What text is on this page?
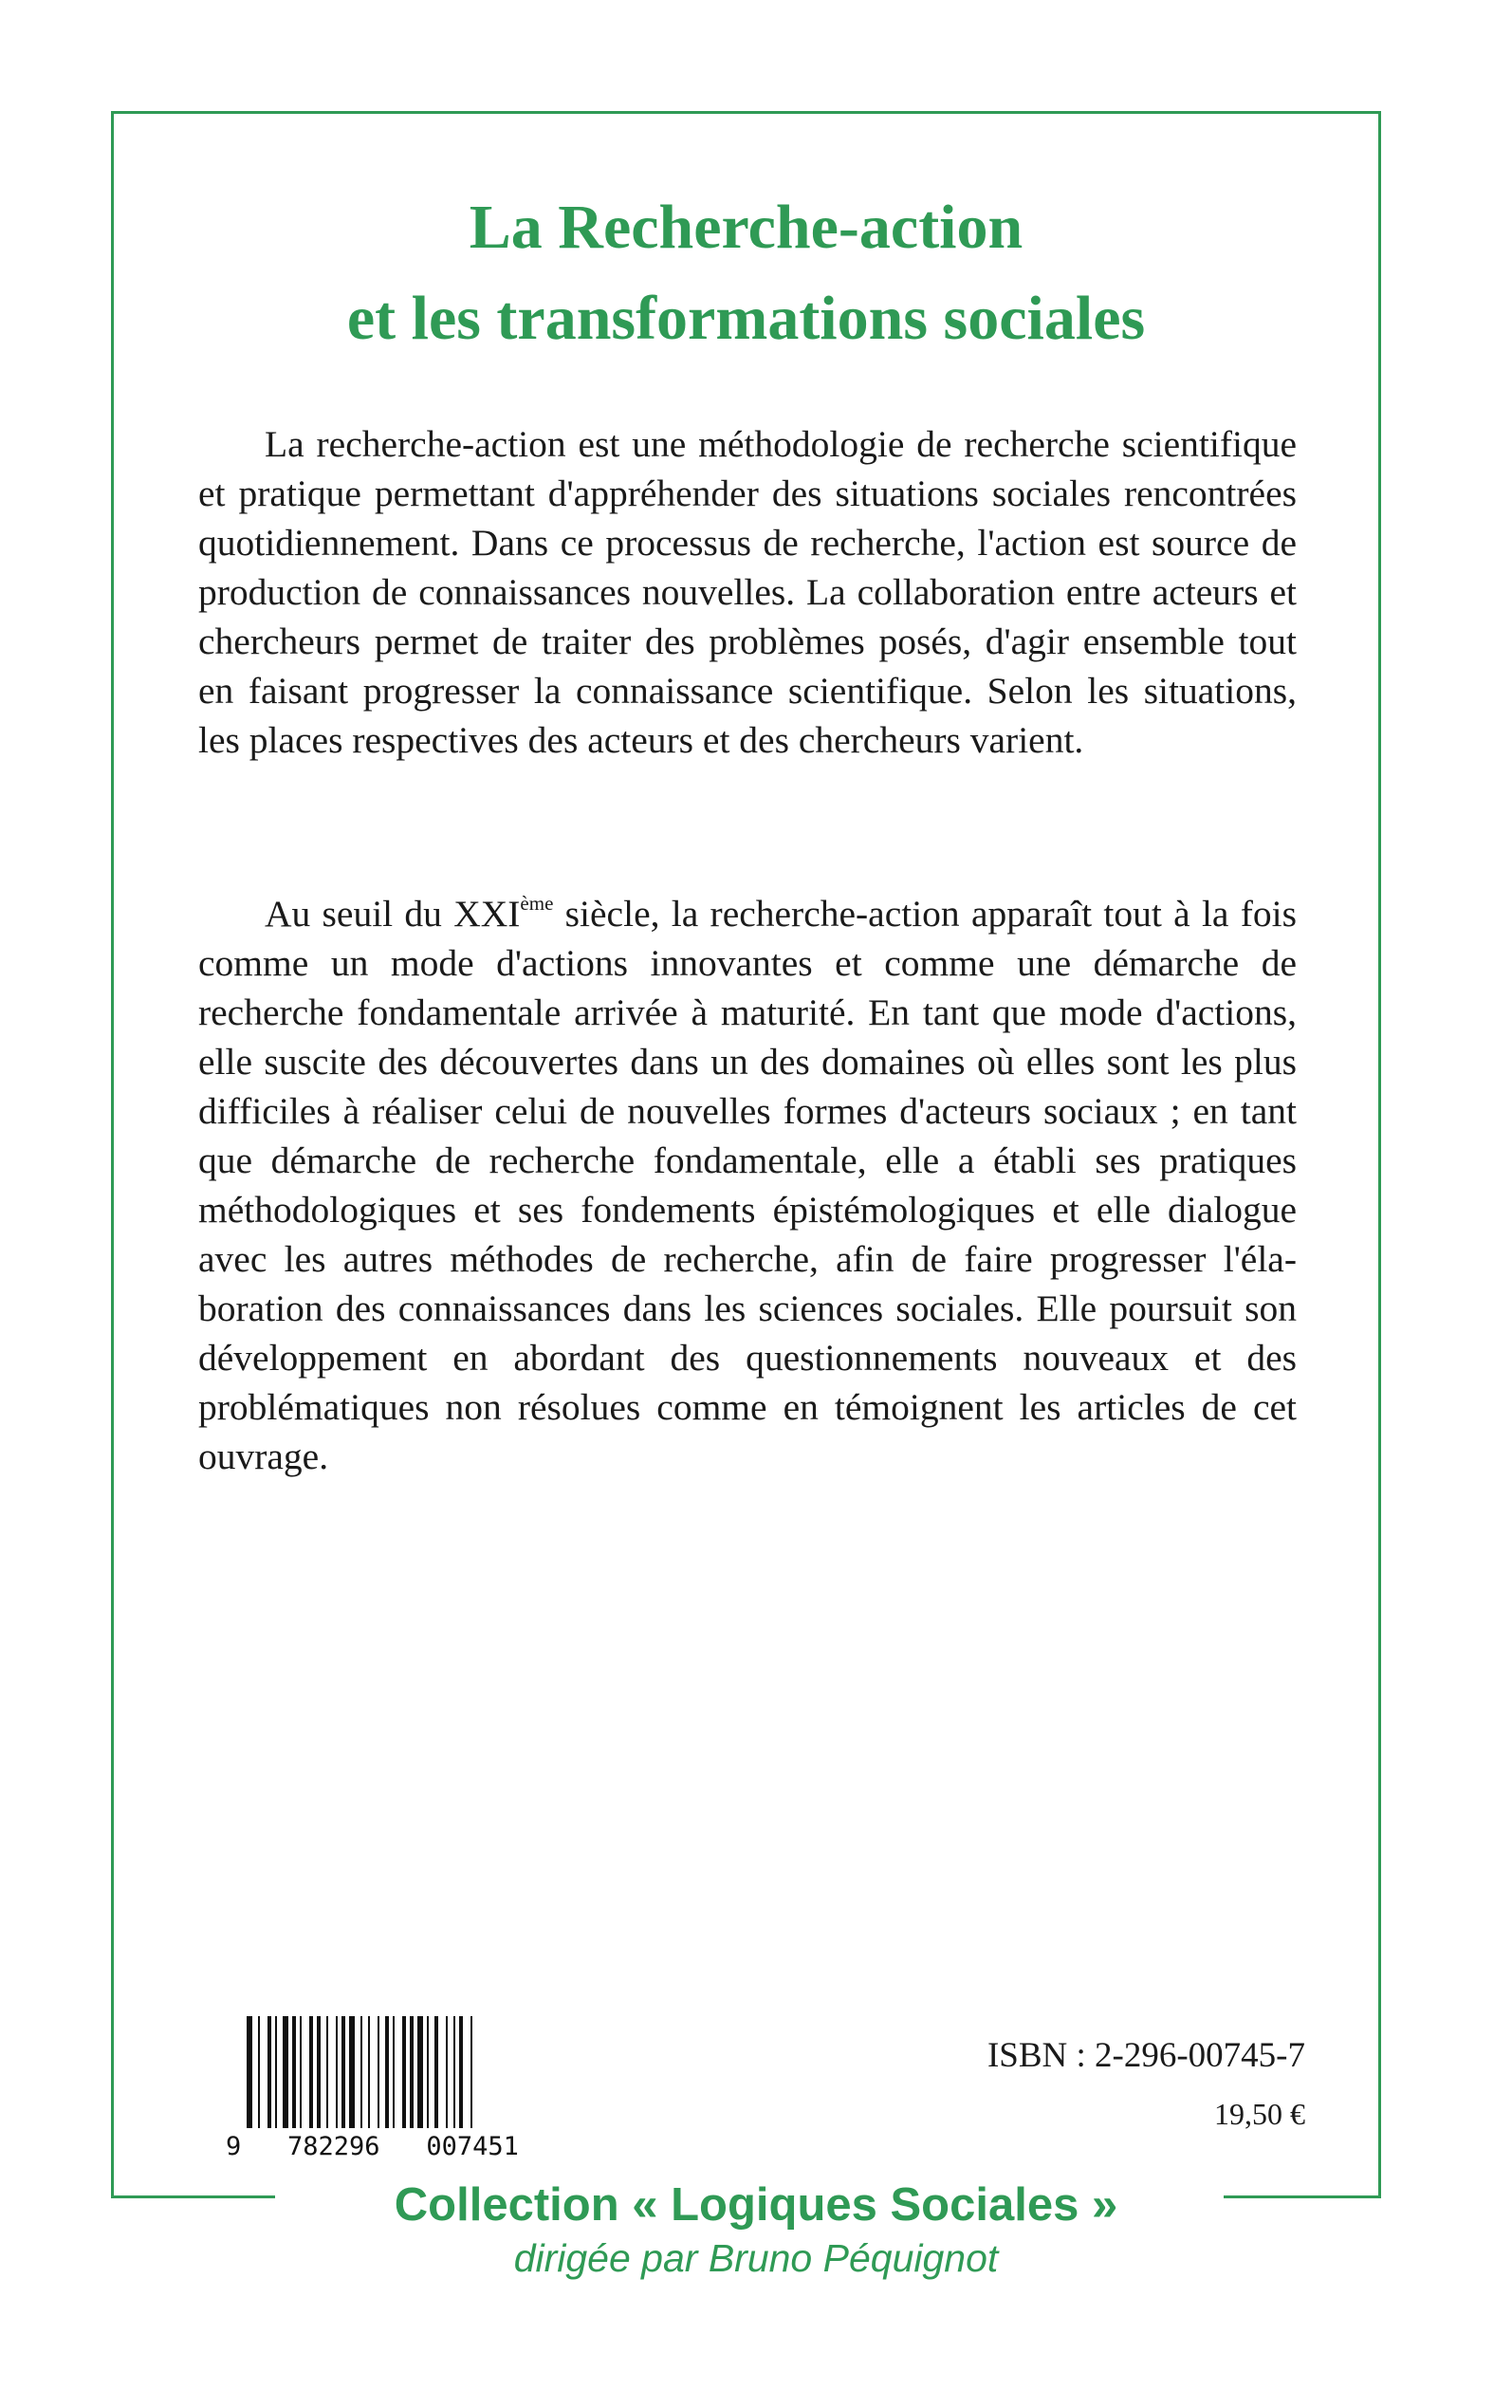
La Recherche-action
et les transformations sociales

La recherche-action est une méthodologie de recherche scientifique et pratique permettant d'appréhender des situations sociales rencontrées quotidiennement. Dans ce processus de recherche, l'action est source de production de connaissances nouvelles. La collaboration entre acteurs et chercheurs permet de traiter des problèmes posés, d'agir ensemble tout en faisant progresser la connaissance scientifique. Selon les situations, les places respectives des acteurs et des chercheurs varient.

Au seuil du XXIème siècle, la recherche-action apparaît tout à la fois comme un mode d'actions innovantes et comme une démarche de recherche fondamentale arrivée à maturité. En tant que mode d'actions, elle suscite des découvertes dans un des domaines où elles sont les plus difficiles à réaliser celui de nouvelles formes d'acteurs sociaux ; en tant que démarche de recherche fondamentale, elle a établi ses pratiques méthodologiques et ses fondements épistémologiques et elle dialogue avec les autres méthodes de recherche, afin de faire progresser l'élaboration des connaissances dans les sciences sociales. Elle poursuit son développement en abordant des questionnements nouveaux et des problématiques non résolues comme en témoignent les articles de cet ouvrage.

9   782296   007451

ISBN : 2-296-00745-7

19,50 €

Collection « Logiques Sociales »

dirigée par Bruno Péquignot
